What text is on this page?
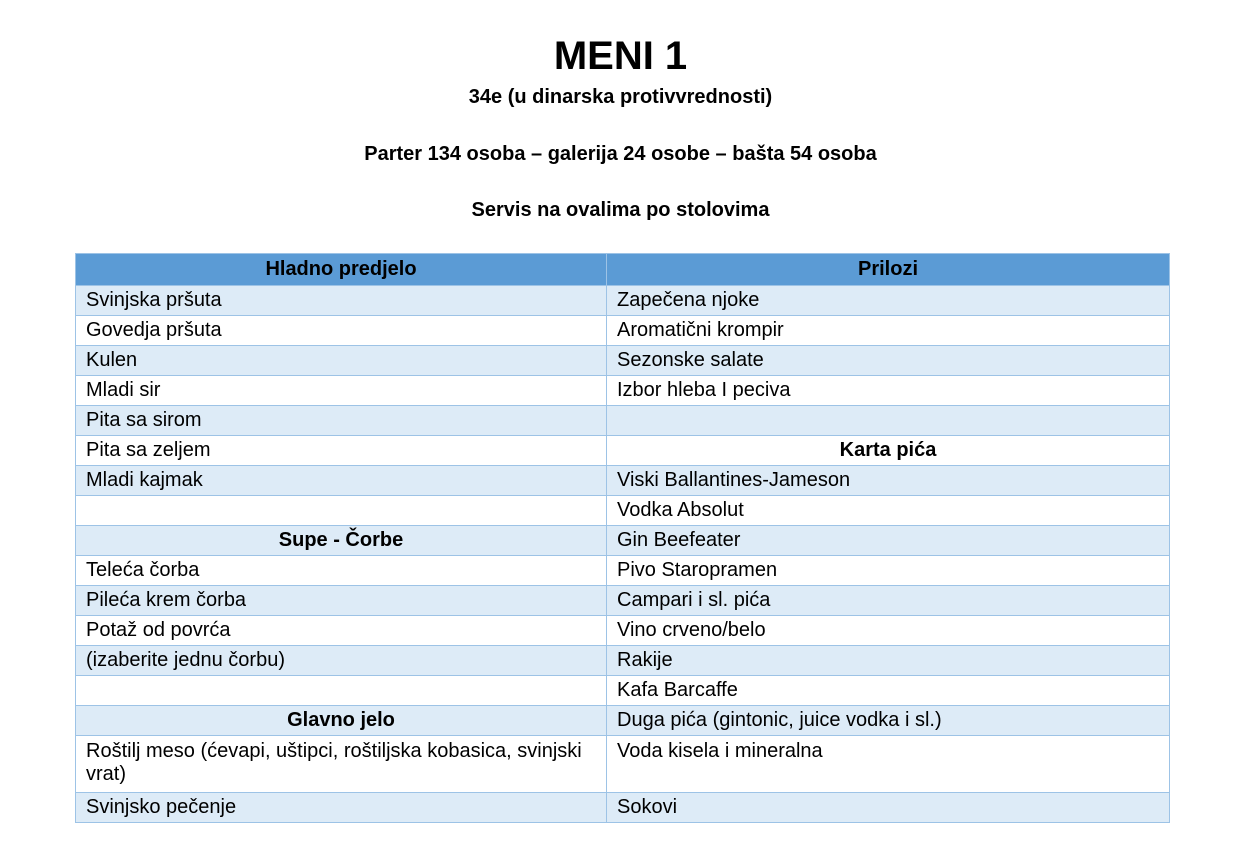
MENI 1
34e (u dinarska protivvrednosti)
Parter 134 osoba – galerija 24 osobe – bašta 54 osoba
Servis na ovalima po stolovima
Hladno predjelo	Prilozi
Svinjska pršuta	Zapečena njoke
Govedja pršuta	Aromatični krompir
Kulen	Sezonske salate
Mladi sir	Izbor hleba I peciva
Pita sa sirom	
Pita sa zeljem	Karta pića
Mladi kajmak	Viski Ballantines-Jameson
	Vodka Absolut
Supe - Čorbe	Gin Beefeater
Teleća čorba	Pivo Staropramen
Pileća krem čorba	Campari i sl. pića
Potaž od povrća	Vino crveno/belo
(izaberite jednu čorbu)	Rakije
	Kafa Barcaffe
Glavno jelo	Duga pića (gintonic, juice vodka i sl.)
Roštilj meso (ćevapi, uštipci, roštiljska kobasica, svinjski vrat)	Voda kisela i mineralna
Svinjsko pečenje	Sokovi
